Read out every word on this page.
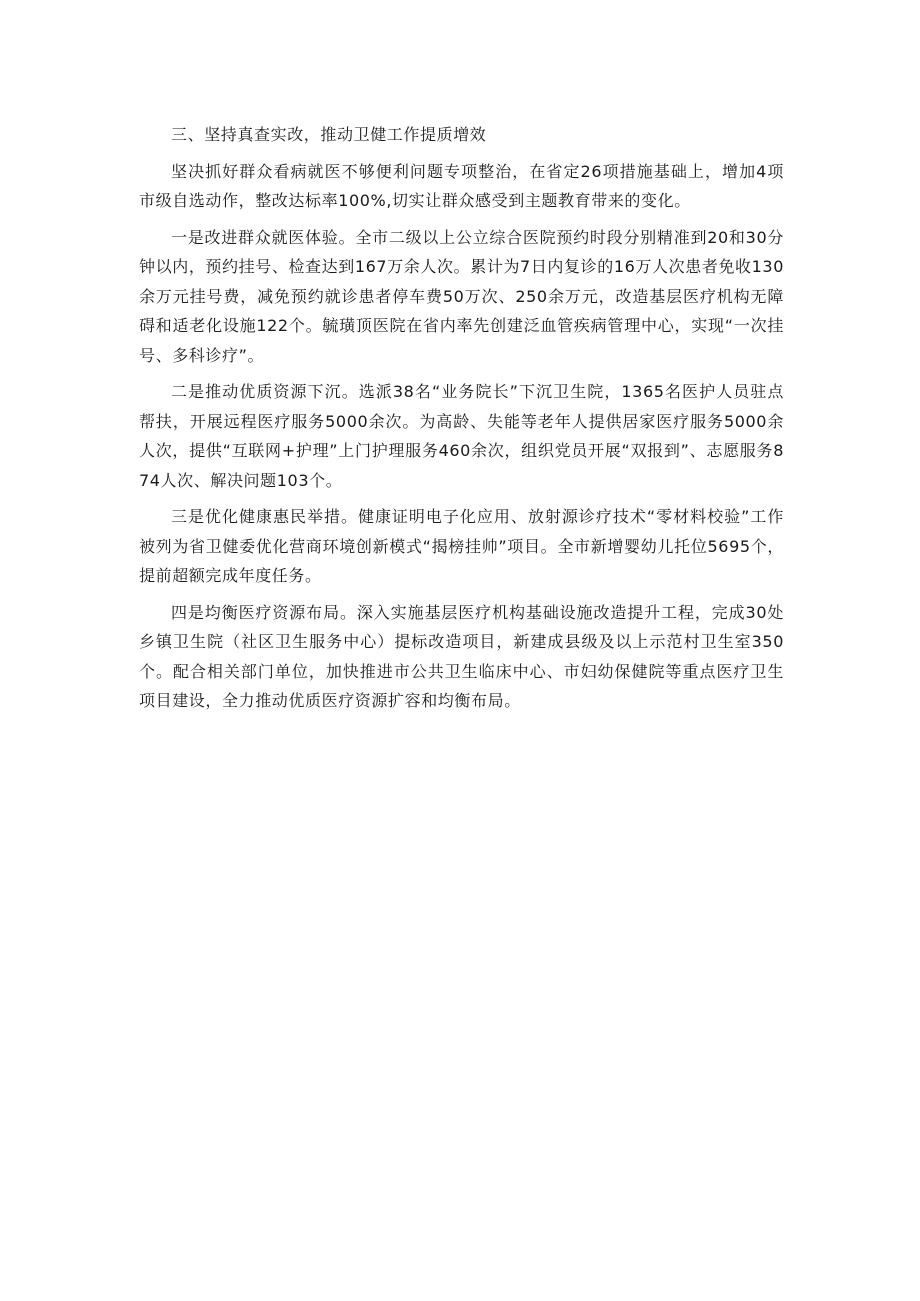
三、坚持真查实改，推动卫健工作提质增效

坚决抓好群众看病就医不够便利问题专项整治，在省定26项措施基础上，增加4项市级自选动作，整改达标率100%,切实让群众感受到主题教育带来的变化。

一是改进群众就医体验。全市二级以上公立综合医院预约时段分别精准到20和30分钟以内，预约挂号、检查达到167万余人次。累计为7日内复诊的16万人次患者免收130余万元挂号费，减免预约就诊患者停车费50万次、250余万元，改造基层医疗机构无障碍和适老化设施122个。毓璜顶医院在省内率先创建泛血管疾病管理中心，实现“一次挂号、多科诊疗”。

二是推动优质资源下沉。选派38名“业务院长”下沉卫生院，1365名医护人员驻点帮扶，开展远程医疗服务5000余次。为高龄、失能等老年人提供居家医疗服务5000余人次，提供“互联网+护理”上门护理服务460余次，组织党员开展“双报到”、志愿服务874人次、解决问题103个。

三是优化健康惠民举措。健康证明电子化应用、放射源诊疗技术“零材料校验”工作被列为省卫健委优化营商环境创新模式“揭榜挂帅”项目。全市新增婴幼儿托位5695个，提前超额完成年度任务。

四是均衡医疗资源布局。深入实施基层医疗机构基础设施改造提升工程，完成30处乡镇卫生院（社区卫生服务中心）提标改造项目，新建成县级及以上示范村卫生室350个。配合相关部门单位，加快推进市公共卫生临床中心、市妇幼保健院等重点医疗卫生项目建设，全力推动优质医疗资源扩容和均衡布局。
